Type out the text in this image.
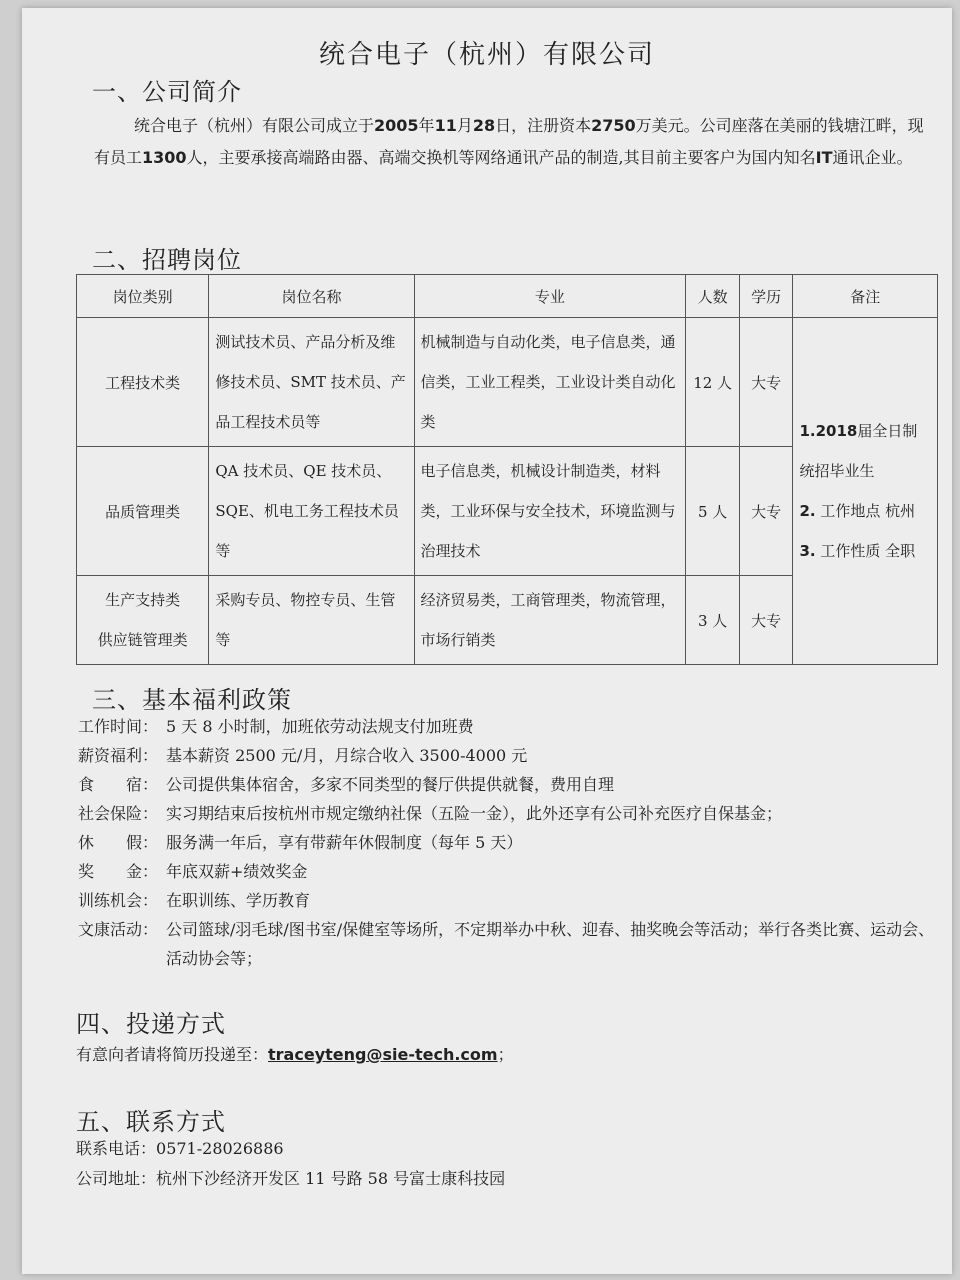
统合电子（杭州）有限公司
一、公司简介
统合电子（杭州）有限公司成立于2005年11月28日，注册资本2750万美元。公司座落在美丽的钱塘江畔，现有员工1300人，主要承接高端路由器、高端交换机等网络通讯产品的制造,其目前主要客户为国内知名IT通讯企业。
二、招聘岗位
岗位类别	岗位名称	专业	人数	学历	备注
工程技术类	测试技术员、产品分析及维修技术员、SMT 技术员、产品工程技术员等	机械制造与自动化类，电子信息类，通信类，工业工程类，工业设计类自动化类	12 人	大专	1.2018届全日制统招毕业生
2. 工作地点 杭州
3. 工作性质 全职

品质管理类	QA 技术员、QE 技术员、SQE、机电工务工程技术员等	电子信息类，机械设计制造类，材料类，工业环保与安全技术，环境监测与治理技术	5 人	大专	

生产支持类
供应链管理类	采购专员、物控专员、生管等	经济贸易类，工商管理类，物流管理，市场行销类	3 人	大专	
三、基本福利政策
工作时间： 5 天 8 小时制，加班依劳动法规支付加班费
薪资福利： 基本薪资 2500 元/月，月综合收入 3500-4000 元
食　　宿： 公司提供集体宿舍，多家不同类型的餐厅供提供就餐，费用自理
社会保险： 实习期结束后按杭州市规定缴纳社保（五险一金），此外还享有公司补充医疗自保基金；
休　　假： 服务满一年后，享有带薪年休假制度（每年 5 天）
奖　　金： 年底双薪+绩效奖金
训练机会： 在职训练、学历教育
文康活动： 公司篮球/羽毛球/图书室/保健室等场所，不定期举办中秋、迎春、抽奖晚会等活动；举行各类比赛、运动会、活动协会等；
四、投递方式
有意向者请将简历投递至：traceyteng@sie-tech.com；
五、联系方式
联系电话：0571-28026886
公司地址：杭州下沙经济开发区 11 号路 58 号富士康科技园
